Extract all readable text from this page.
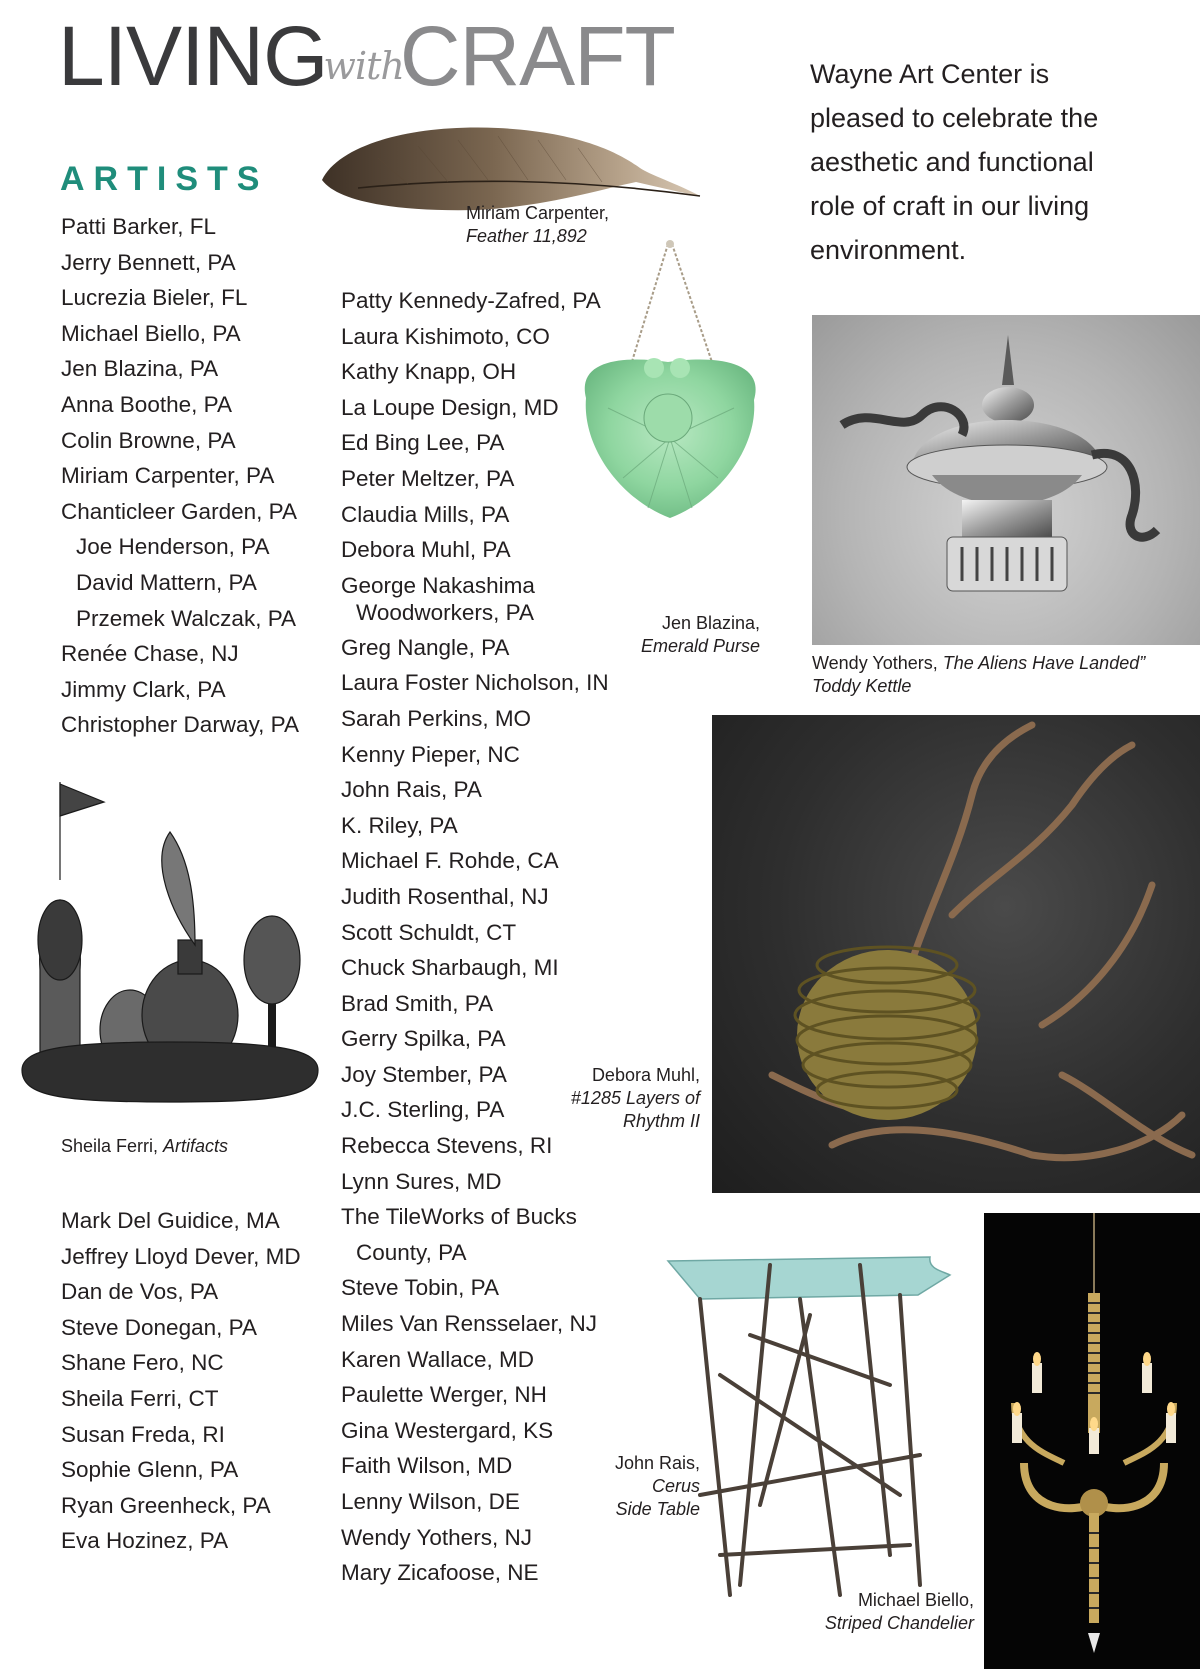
LIVINGwithCRAFT	Wayne Art Center is pleased to celebrate the aesthetic and functional role of craft in our living environment.

ARTISTS
Patti Barker, FL
Jerry Bennett, PA
Lucrezia Bieler, FL
Michael Biello, PA
Jen Blazina, PA
Anna Boothe, PA
Colin Browne, PA
Miriam Carpenter, PA
Chanticleer Garden, PA
Joe Henderson, PA
David Mattern, PA
Przemek Walczak, PA
Renée Chase, NJ
Jimmy Clark, PA
Christopher Darway, PA
Mark Del Guidice, MA
Jeffrey Lloyd Dever, MD
Dan de Vos, PA
Steve Donegan, PA
Shane Fero, NC
Sheila Ferri, CT
Susan Freda, RI
Sophie Glenn, PA
Ryan Greenheck, PA
Eva Hozinez, PA
Patty Kennedy-Zafred, PA
Laura Kishimoto, CO
Kathy Knapp, OH
La Loupe Design, MD
Ed Bing Lee, PA
Peter Meltzer, PA
Claudia Mills, PA
Debora Muhl, PA
George Nakashima
Woodworkers, PA
Greg Nangle, PA
Laura Foster Nicholson, IN
Sarah Perkins, MO
Kenny Pieper, NC
John Rais, PA
K. Riley, PA
Michael F. Rohde, CA
Judith Rosenthal, NJ
Scott Schuldt, CT
Chuck Sharbaugh, MI
Brad Smith, PA
Gerry Spilka, PA
Joy Stember, PA
J.C. Sterling, PA
Rebecca Stevens, RI
Lynn Sures, MD
The TileWorks of Bucks
County, PA
Steve Tobin, PA
Miles Van Rensselaer, NJ
Karen Wallace, MD
Paulette Werger, NH
Gina Westergard, KS
Faith Wilson, MD
Lenny Wilson, DE
Wendy Yothers, NJ
Mary Zicafoose, NE
Miriam Carpenter,
Feather 11,892
Jen Blazina,
Emerald Purse
Wendy Yothers, The Aliens Have Landed”
Toddy Kettle
Sheila Ferri, Artifacts
Debora Muhl,
#1285 Layers of
Rhythm II
John Rais,
Cerus
Side Table
Michael Biello,
Striped Chandelier
